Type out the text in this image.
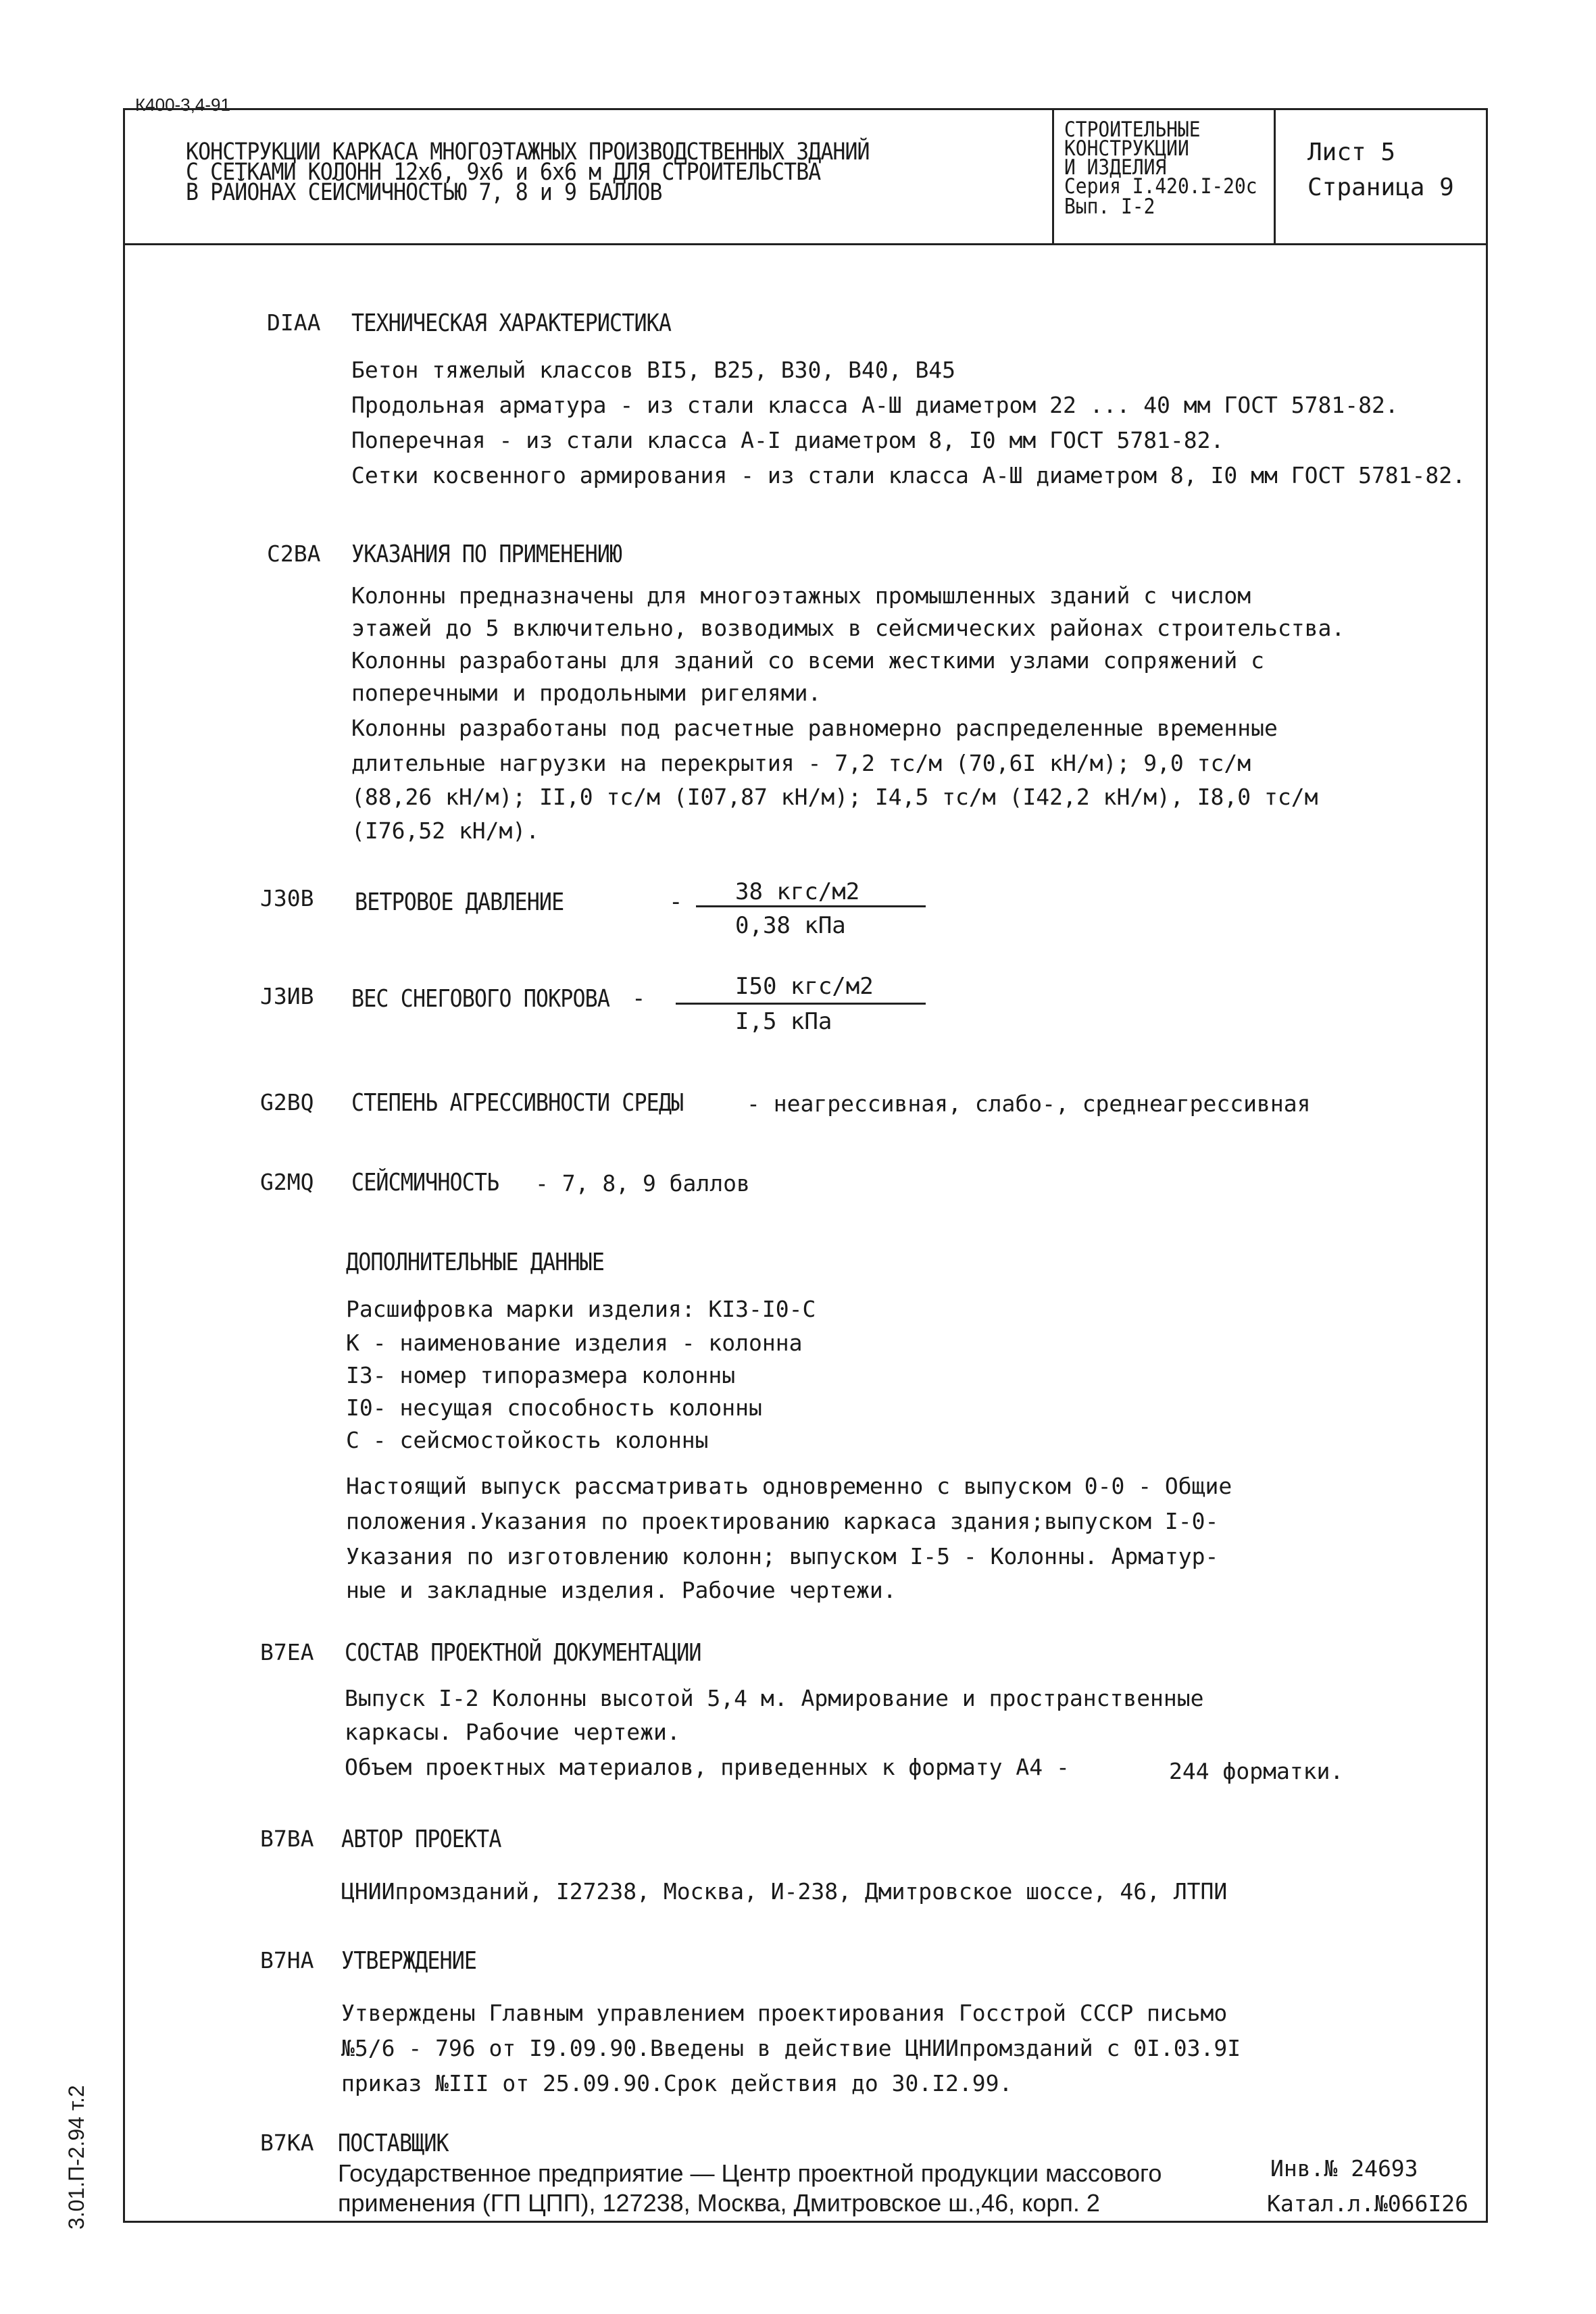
К400-3,4-91
КОНСТРУКЦИИ КАРКАСА МНОГОЭТАЖНЫХ ПРОИЗВОДСТВЕННЫХ ЗДАНИЙ
С СЕТКАМИ КОЛОНН 12х6, 9х6 и 6х6 м ДЛЯ СТРОИТЕЛЬСТВА
В РАЙОНАХ СЕЙСМИЧНОСТЬЮ 7, 8 и 9 БАЛЛОВ
СТРОИТЕЛЬНЫЕ
КОНСТРУКЦИИ
И ИЗДЕЛИЯ
Серия I.420.I-20с
Вып. I-2
Лист 5
Страница 9
DIAA ТЕХНИЧЕСКАЯ ХАРАКТЕРИСТИКА
Бетон тяжелый классов BI5, B25, B30, B40, B45
Продольная арматура - из стали класса А-Ш диаметром 22 ... 40 мм ГОСТ 5781-82.
Поперечная - из стали класса А-I диаметром 8, I0 мм ГОСТ 5781-82.
Сетки косвенного армирования - из стали класса А-Ш диаметром 8, I0 мм ГОСТ 5781-82.
C2BA УКАЗАНИЯ ПО ПРИМЕНЕНИЮ
Колонны предназначены для многоэтажных промышленных зданий с числом
этажей до 5 включительно, возводимых в сейсмических районах строительства.
Колонны разработаны для зданий со всеми жесткими узлами сопряжений с
поперечными и продольными ригелями.
Колонны разработаны под расчетные равномерно распределенные временные
длительные нагрузки на перекрытия - 7,2 тс/м (70,6I кН/м); 9,0 тс/м
(88,26 кН/м); II,0 тс/м (I07,87 кН/м); I4,5 тс/м (I42,2 кН/м), I8,0 тс/м
(I76,52 кН/м).
J30B ВЕТРОВОЕ ДАВЛЕНИЕ	- 38 кгс/м2
0,38 кПа
J3ИВ ВЕС СНЕГОВОГО ПОКРОВА -	I50 кгс/м2
I,5 кПа
G2BQ СТЕПЕНЬ АГРЕССИВНОСТИ СРЕДЫ	- неагрессивная, слабо-, среднеагрессивная
G2MQ СЕЙСМИЧНОСТЬ - 7, 8, 9 баллов
ДОПОЛНИТЕЛЬНЫЕ ДАННЫЕ
Расшифровка марки изделия: KI3-I0-C
К - наименование изделия - колонна
I3- номер типоразмера колонны
I0- несущая способность колонны
С - сейсмостойкость колонны
Настоящий выпуск рассматривать одновременно с выпуском 0-0 - Общие
положения.Указания по проектированию каркаса здания;выпуском I-0-
Указания по изготовлению колонн; выпуском I-5 - Колонны. Арматур-
ные и закладные изделия. Рабочие чертежи.
B7EA СОСТАВ ПРОЕКТНОЙ ДОКУМЕНТАЦИИ
Выпуск I-2 Колонны высотой 5,4 м. Армирование и пространственные
каркасы. Рабочие чертежи.
Объем проектных материалов, приведенных к формату А4 -	244 форматки.
B7BA АВТОР ПРОЕКТА
ЦНИИпромзданий, I27238, Москва, И-238, Дмитровское шоссе, 46, ЛТПИ
B7HA УТВЕРЖДЕНИЕ
Утверждены Главным управлением проектирования Госстрой СССР письмо
№5/6 - 796 от I9.09.90.Введены в действие ЦНИИпромзданий с 0I.03.9I
приказ №III от 25.09.90.Срок действия до 30.I2.99.
B7KA ПОСТАВЩИК
Государственное предприятие — Центр проектной продукции массового
применения (ГП ЦПП), 127238, Москва, Дмитровское ш.,46, корп. 2
Инв.№ 24693
Катал.л.№066I26
3.01.П-2.94 т.2
